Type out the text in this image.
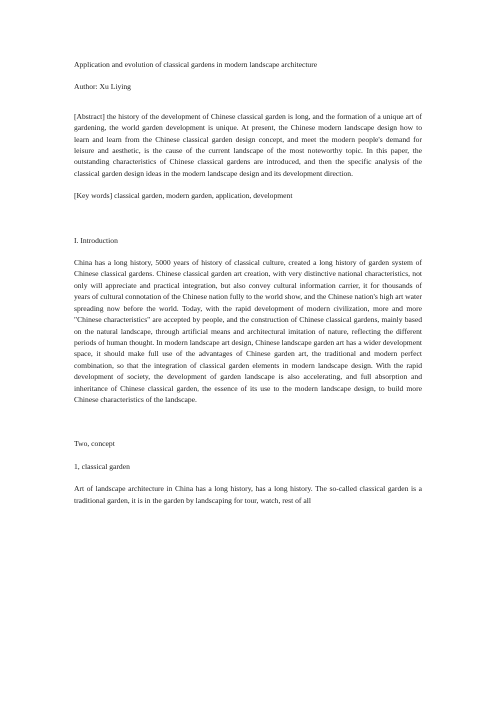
Application and evolution of classical gardens in modern landscape architecture

Author: Xu Liying

[Abstract] the history of the development of Chinese classical garden is long, and the formation of a unique art of gardening, the world garden development is unique. At present, the Chinese modern landscape design how to learn and learn from the Chinese classical garden design concept, and meet the modern people's demand for leisure and aesthetic, is the cause of the current landscape of the most noteworthy topic. In this paper, the outstanding characteristics of Chinese classical gardens are introduced, and then the specific analysis of the classical garden design ideas in the modern landscape design and its development direction.

[Key words] classical garden, modern garden, application, development

I. Introduction

China has a long history, 5000 years of history of classical culture, created a long history of garden system of Chinese classical gardens. Chinese classical garden art creation, with very distinctive national characteristics, not only will appreciate and practical integration, but also convey cultural information carrier, it for thousands of years of cultural connotation of the Chinese nation fully to the world show, and the Chinese nation's high art water spreading now before the world. Today, with the rapid development of modern civilization, more and more "Chinese characteristics" are accepted by people, and the construction of Chinese classical gardens, mainly based on the natural landscape, through artificial means and architectural imitation of nature, reflecting the different periods of human thought. In modern landscape art design, Chinese landscape garden art has a wider development space, it should make full use of the advantages of Chinese garden art, the traditional and modern perfect combination, so that the integration of classical garden elements in modern landscape design. With the rapid development of society, the development of garden landscape is also accelerating, and full absorption and inheritance of Chinese classical garden, the essence of its use to the modern landscape design, to build more Chinese characteristics of the landscape.

Two, concept

1, classical garden

Art of landscape architecture in China has a long history, has a long history. The so-called classical garden is a traditional garden, it is in the garden by landscaping for tour, watch, rest of all
